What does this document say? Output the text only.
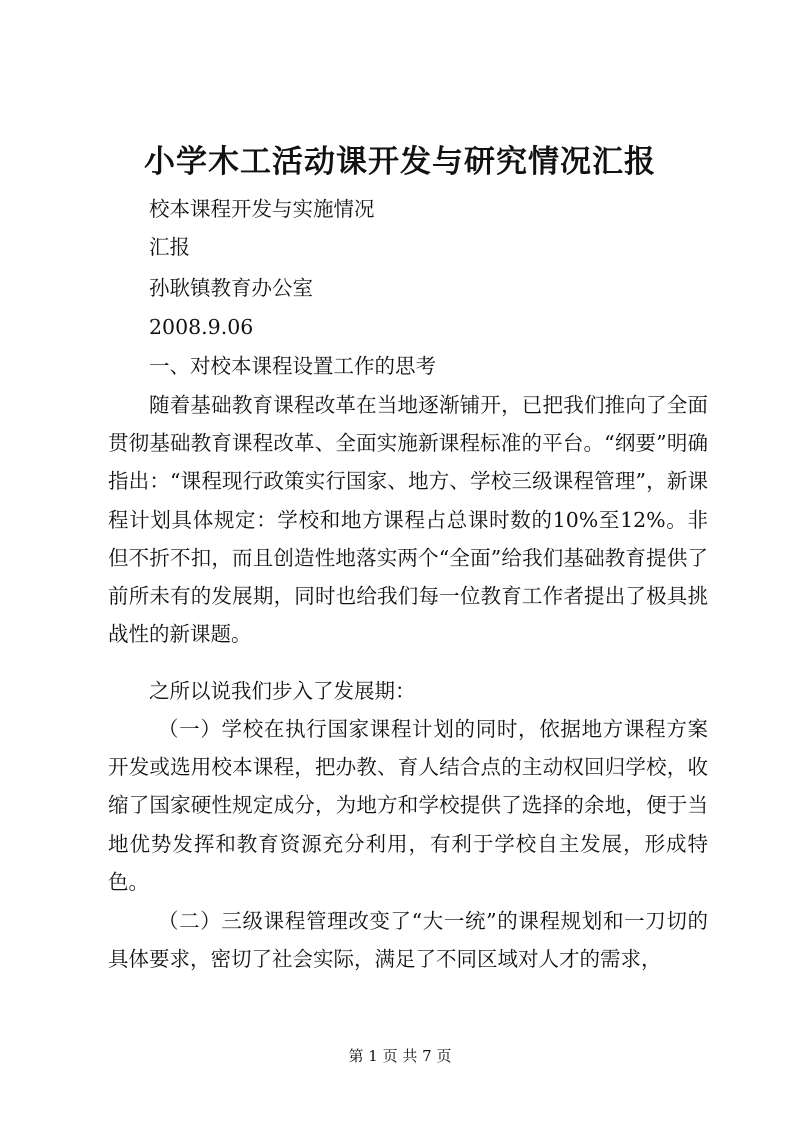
小学木工活动课开发与研究情况汇报
校本课程开发与实施情况
汇报
孙耿镇教育办公室
2008.9.06
一、对校本课程设置工作的思考
随着基础教育课程改革在当地逐渐铺开，已把我们推向了全面贯彻基础教育课程改革、全面实施新课程标准的平台。“纲要”明确指出：“课程现行政策实行国家、地方、学校三级课程管理”，新课程计划具体规定：学校和地方课程占总课时数的10%至12%。非但不折不扣，而且创造性地落实两个“全面”给我们基础教育提供了前所未有的发展期，同时也给我们每一位教育工作者提出了极具挑战性的新课题。
之所以说我们步入了发展期：
（一）学校在执行国家课程计划的同时，依据地方课程方案开发或选用校本课程，把办教、育人结合点的主动权回归学校，收缩了国家硬性规定成分，为地方和学校提供了选择的余地，便于当地优势发挥和教育资源充分利用，有利于学校自主发展，形成特色。
（二）三级课程管理改变了“大一统”的课程规划和一刀切的具体要求，密切了社会实际，满足了不同区域对人才的需求，
第 1 页 共 7 页
